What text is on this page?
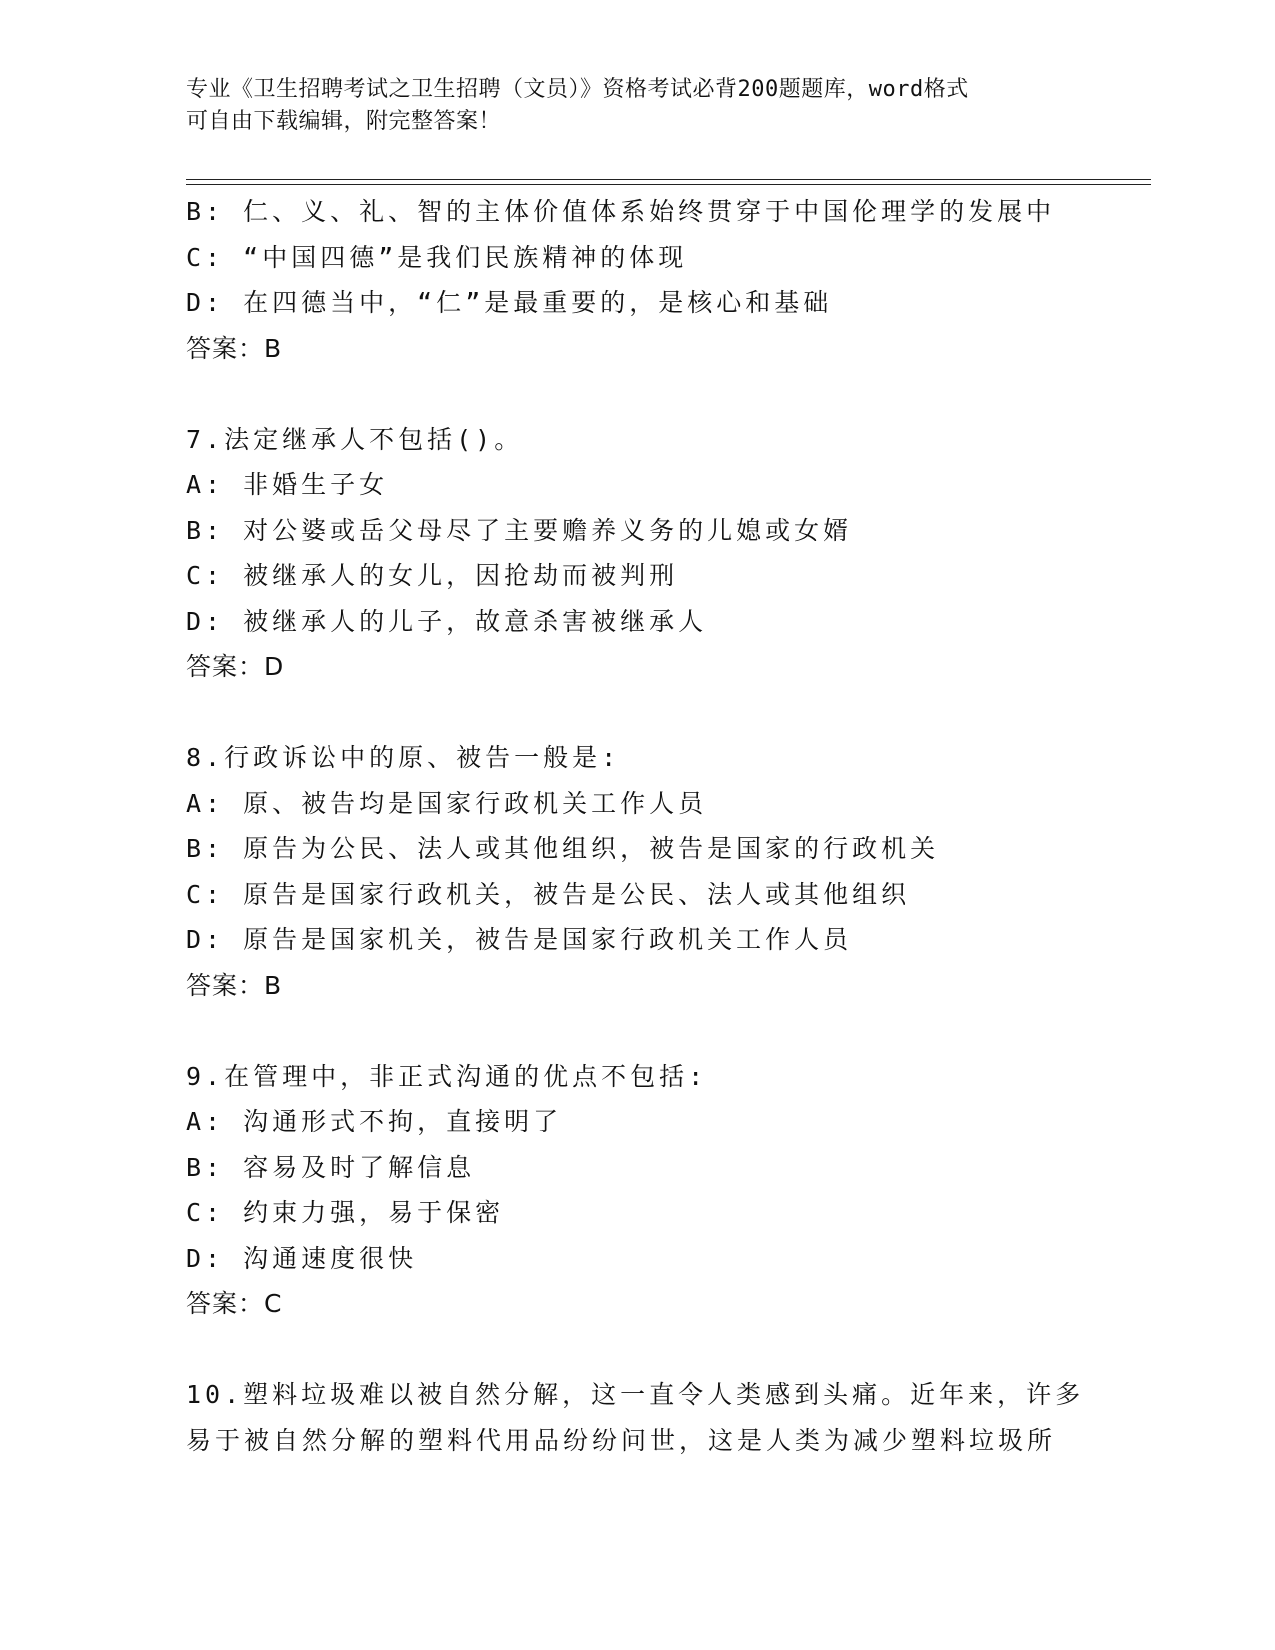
专业《卫生招聘考试之卫生招聘（文员）》资格考试必背200题题库，word格式
可自由下载编辑，附完整答案！
B: 仁、义、礼、智的主体价值体系始终贯穿于中国伦理学的发展中
C: “中国四德”是我们民族精神的体现
D: 在四德当中，“仁”是最重要的，是核心和基础
答案：B
7.法定继承人不包括()。
A: 非婚生子女
B: 对公婆或岳父母尽了主要赡养义务的儿媳或女婿
C: 被继承人的女儿，因抢劫而被判刑
D: 被继承人的儿子，故意杀害被继承人
答案：D
8.行政诉讼中的原、被告一般是:
A: 原、被告均是国家行政机关工作人员
B: 原告为公民、法人或其他组织，被告是国家的行政机关
C: 原告是国家行政机关，被告是公民、法人或其他组织
D: 原告是国家机关，被告是国家行政机关工作人员
答案：B
9.在管理中，非正式沟通的优点不包括:
A: 沟通形式不拘，直接明了
B: 容易及时了解信息
C: 约束力强，易于保密
D: 沟通速度很快
答案：C
10.塑料垃圾难以被自然分解，这一直令人类感到头痛。近年来，许多
易于被自然分解的塑料代用品纷纷问世，这是人类为减少塑料垃圾所
